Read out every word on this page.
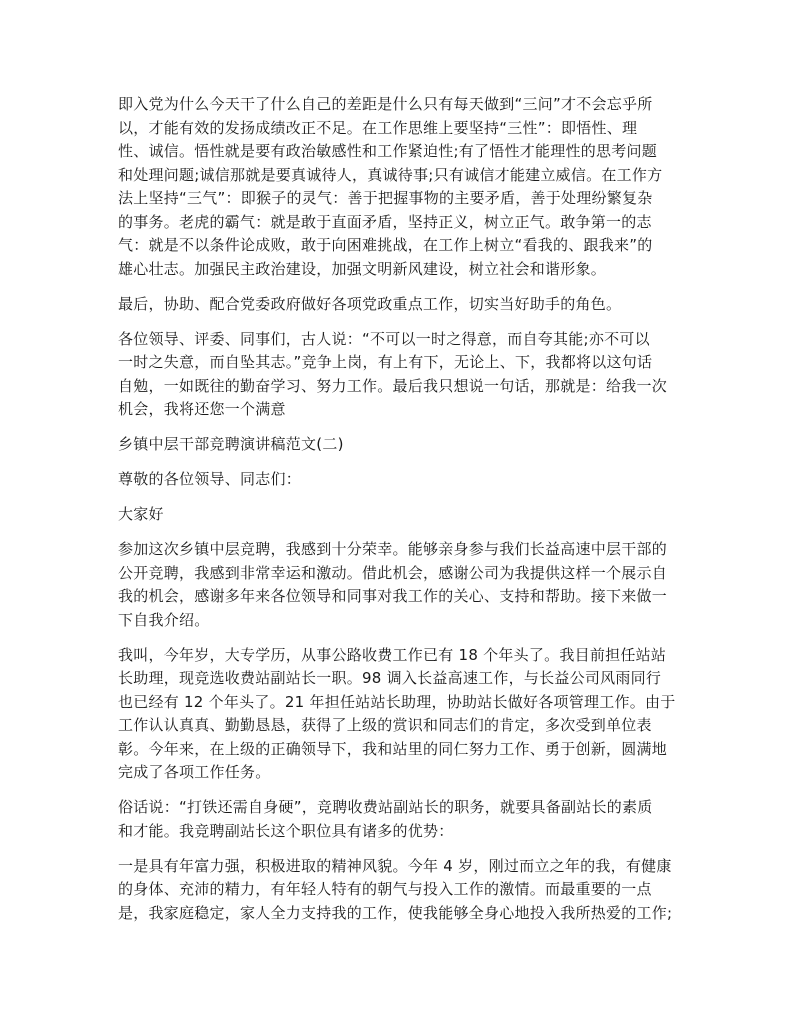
即入党为什么今天干了什么自己的差距是什么只有每天做到“三问”才不会忘乎所
以，才能有效的发扬成绩改正不足。在工作思维上要坚持“三性”：即悟性、理
性、诚信。悟性就是要有政治敏感性和工作紧迫性;有了悟性才能理性的思考问题
和处理问题;诚信那就是要真诚待人，真诚待事;只有诚信才能建立威信。在工作方
法上坚持“三气”：即猴子的灵气：善于把握事物的主要矛盾，善于处理纷繁复杂
的事务。老虎的霸气：就是敢于直面矛盾，坚持正义，树立正气。敢争第一的志
气：就是不以条件论成败，敢于向困难挑战，在工作上树立“看我的、跟我来”的
雄心壮志。加强民主政治建设，加强文明新风建设，树立社会和谐形象。
最后，协助、配合党委政府做好各项党政重点工作，切实当好助手的角色。
各位领导、评委、同事们，古人说：“不可以一时之得意，而自夸其能;亦不可以
一时之失意，而自坠其志。”竞争上岗，有上有下，无论上、下，我都将以这句话
自勉，一如既往的勤奋学习、努力工作。最后我只想说一句话，那就是：给我一次
机会，我将还您一个满意
乡镇中层干部竞聘演讲稿范文(二)
尊敬的各位领导、同志们：
大家好
参加这次乡镇中层竞聘，我感到十分荣幸。能够亲身参与我们长益高速中层干部的
公开竞聘，我感到非常幸运和激动。借此机会，感谢公司为我提供这样一个展示自
我的机会，感谢多年来各位领导和同事对我工作的关心、支持和帮助。接下来做一
下自我介绍。
我叫，今年岁，大专学历，从事公路收费工作已有 18 个年头了。我目前担任站站
长助理，现竞选收费站副站长一职。98 调入长益高速工作，与长益公司风雨同行
也已经有 12 个年头了。21 年担任站站长助理，协助站长做好各项管理工作。由于
工作认认真真、勤勤恳恳，获得了上级的赏识和同志们的肯定，多次受到单位表
彰。今年来，在上级的正确领导下，我和站里的同仁努力工作、勇于创新，圆满地
完成了各项工作任务。
俗话说：“打铁还需自身硬”，竞聘收费站副站长的职务，就要具备副站长的素质
和才能。我竞聘副站长这个职位具有诸多的优势：
一是具有年富力强，积极进取的精神风貌。今年 4 岁，刚过而立之年的我，有健康
的身体、充沛的精力，有年轻人特有的朝气与投入工作的激情。而最重要的一点
是，我家庭稳定，家人全力支持我的工作，使我能够全身心地投入我所热爱的工作;
